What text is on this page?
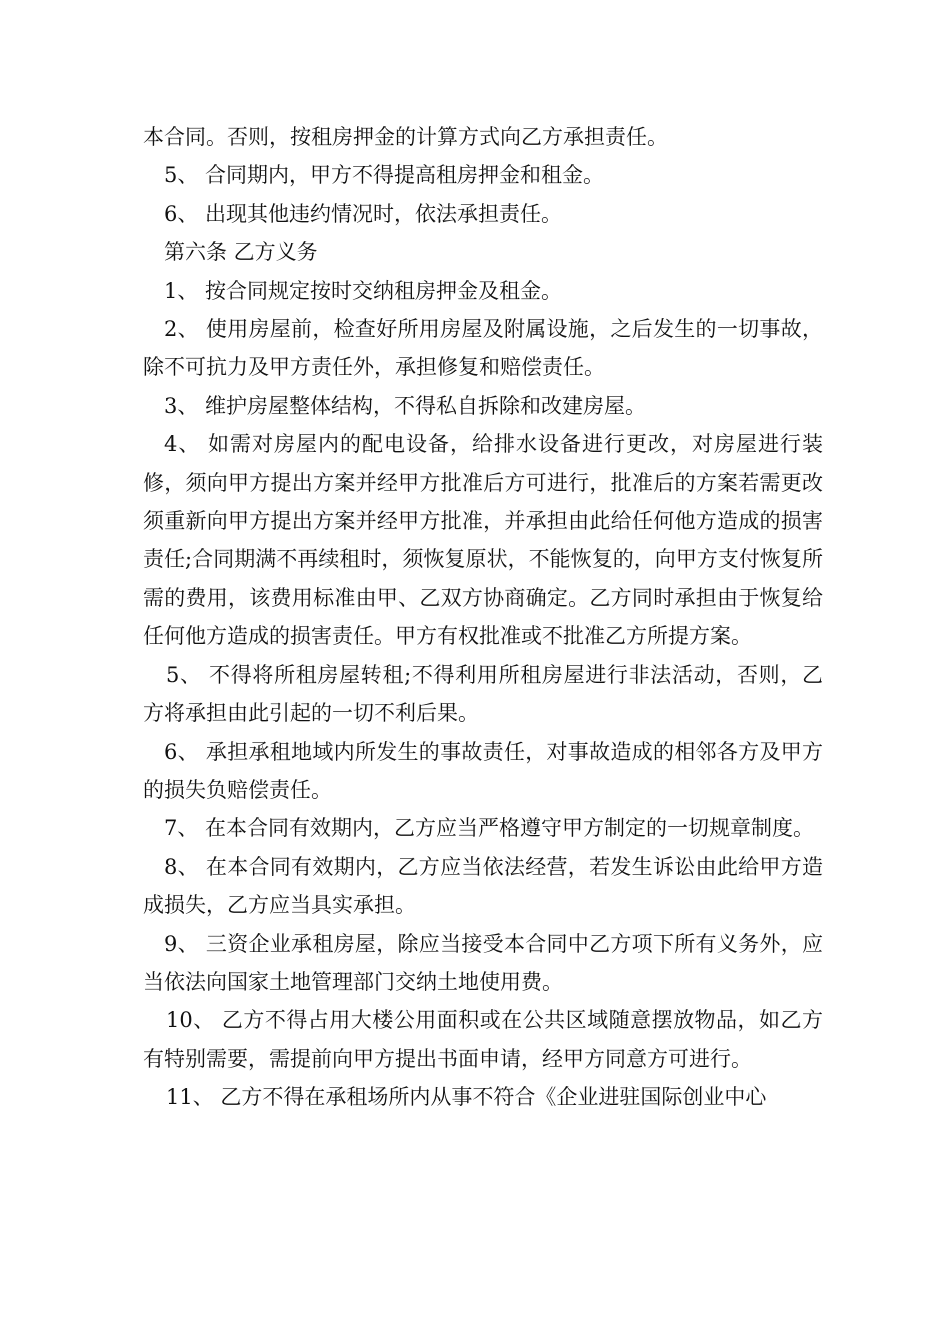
本合同。否则，按租房押金的计算方式向乙方承担责任。

5、 合同期内，甲方不得提高租房押金和租金。

6、 出现其他违约情况时，依法承担责任。

第六条 乙方义务

1、 按合同规定按时交纳租房押金及租金。

2、 使用房屋前，检查好所用房屋及附属设施，之后发生的一切事故，除不可抗力及甲方责任外，承担修复和赔偿责任。

3、 维护房屋整体结构，不得私自拆除和改建房屋。

4、 如需对房屋内的配电设备，给排水设备进行更改，对房屋进行装修，须向甲方提出方案并经甲方批准后方可进行，批准后的方案若需更改须重新向甲方提出方案并经甲方批准，并承担由此给任何他方造成的损害责任;合同期满不再续租时，须恢复原状，不能恢复的，向甲方支付恢复所需的费用，该费用标准由甲、乙双方协商确定。乙方同时承担由于恢复给任何他方造成的损害责任。甲方有权批准或不批准乙方所提方案。

5、 不得将所租房屋转租;不得利用所租房屋进行非法活动，否则，乙方将承担由此引起的一切不利后果。

6、 承担承租地域内所发生的事故责任，对事故造成的相邻各方及甲方的损失负赔偿责任。

7、 在本合同有效期内，乙方应当严格遵守甲方制定的一切规章制度。

8、 在本合同有效期内，乙方应当依法经营，若发生诉讼由此给甲方造成损失，乙方应当具实承担。

9、 三资企业承租房屋，除应当接受本合同中乙方项下所有义务外，应当依法向国家土地管理部门交纳土地使用费。

10、 乙方不得占用大楼公用面积或在公共区域随意摆放物品，如乙方有特别需要，需提前向甲方提出书面申请，经甲方同意方可进行。

11、 乙方不得在承租场所内从事不符合《企业进驻国际创业中心
